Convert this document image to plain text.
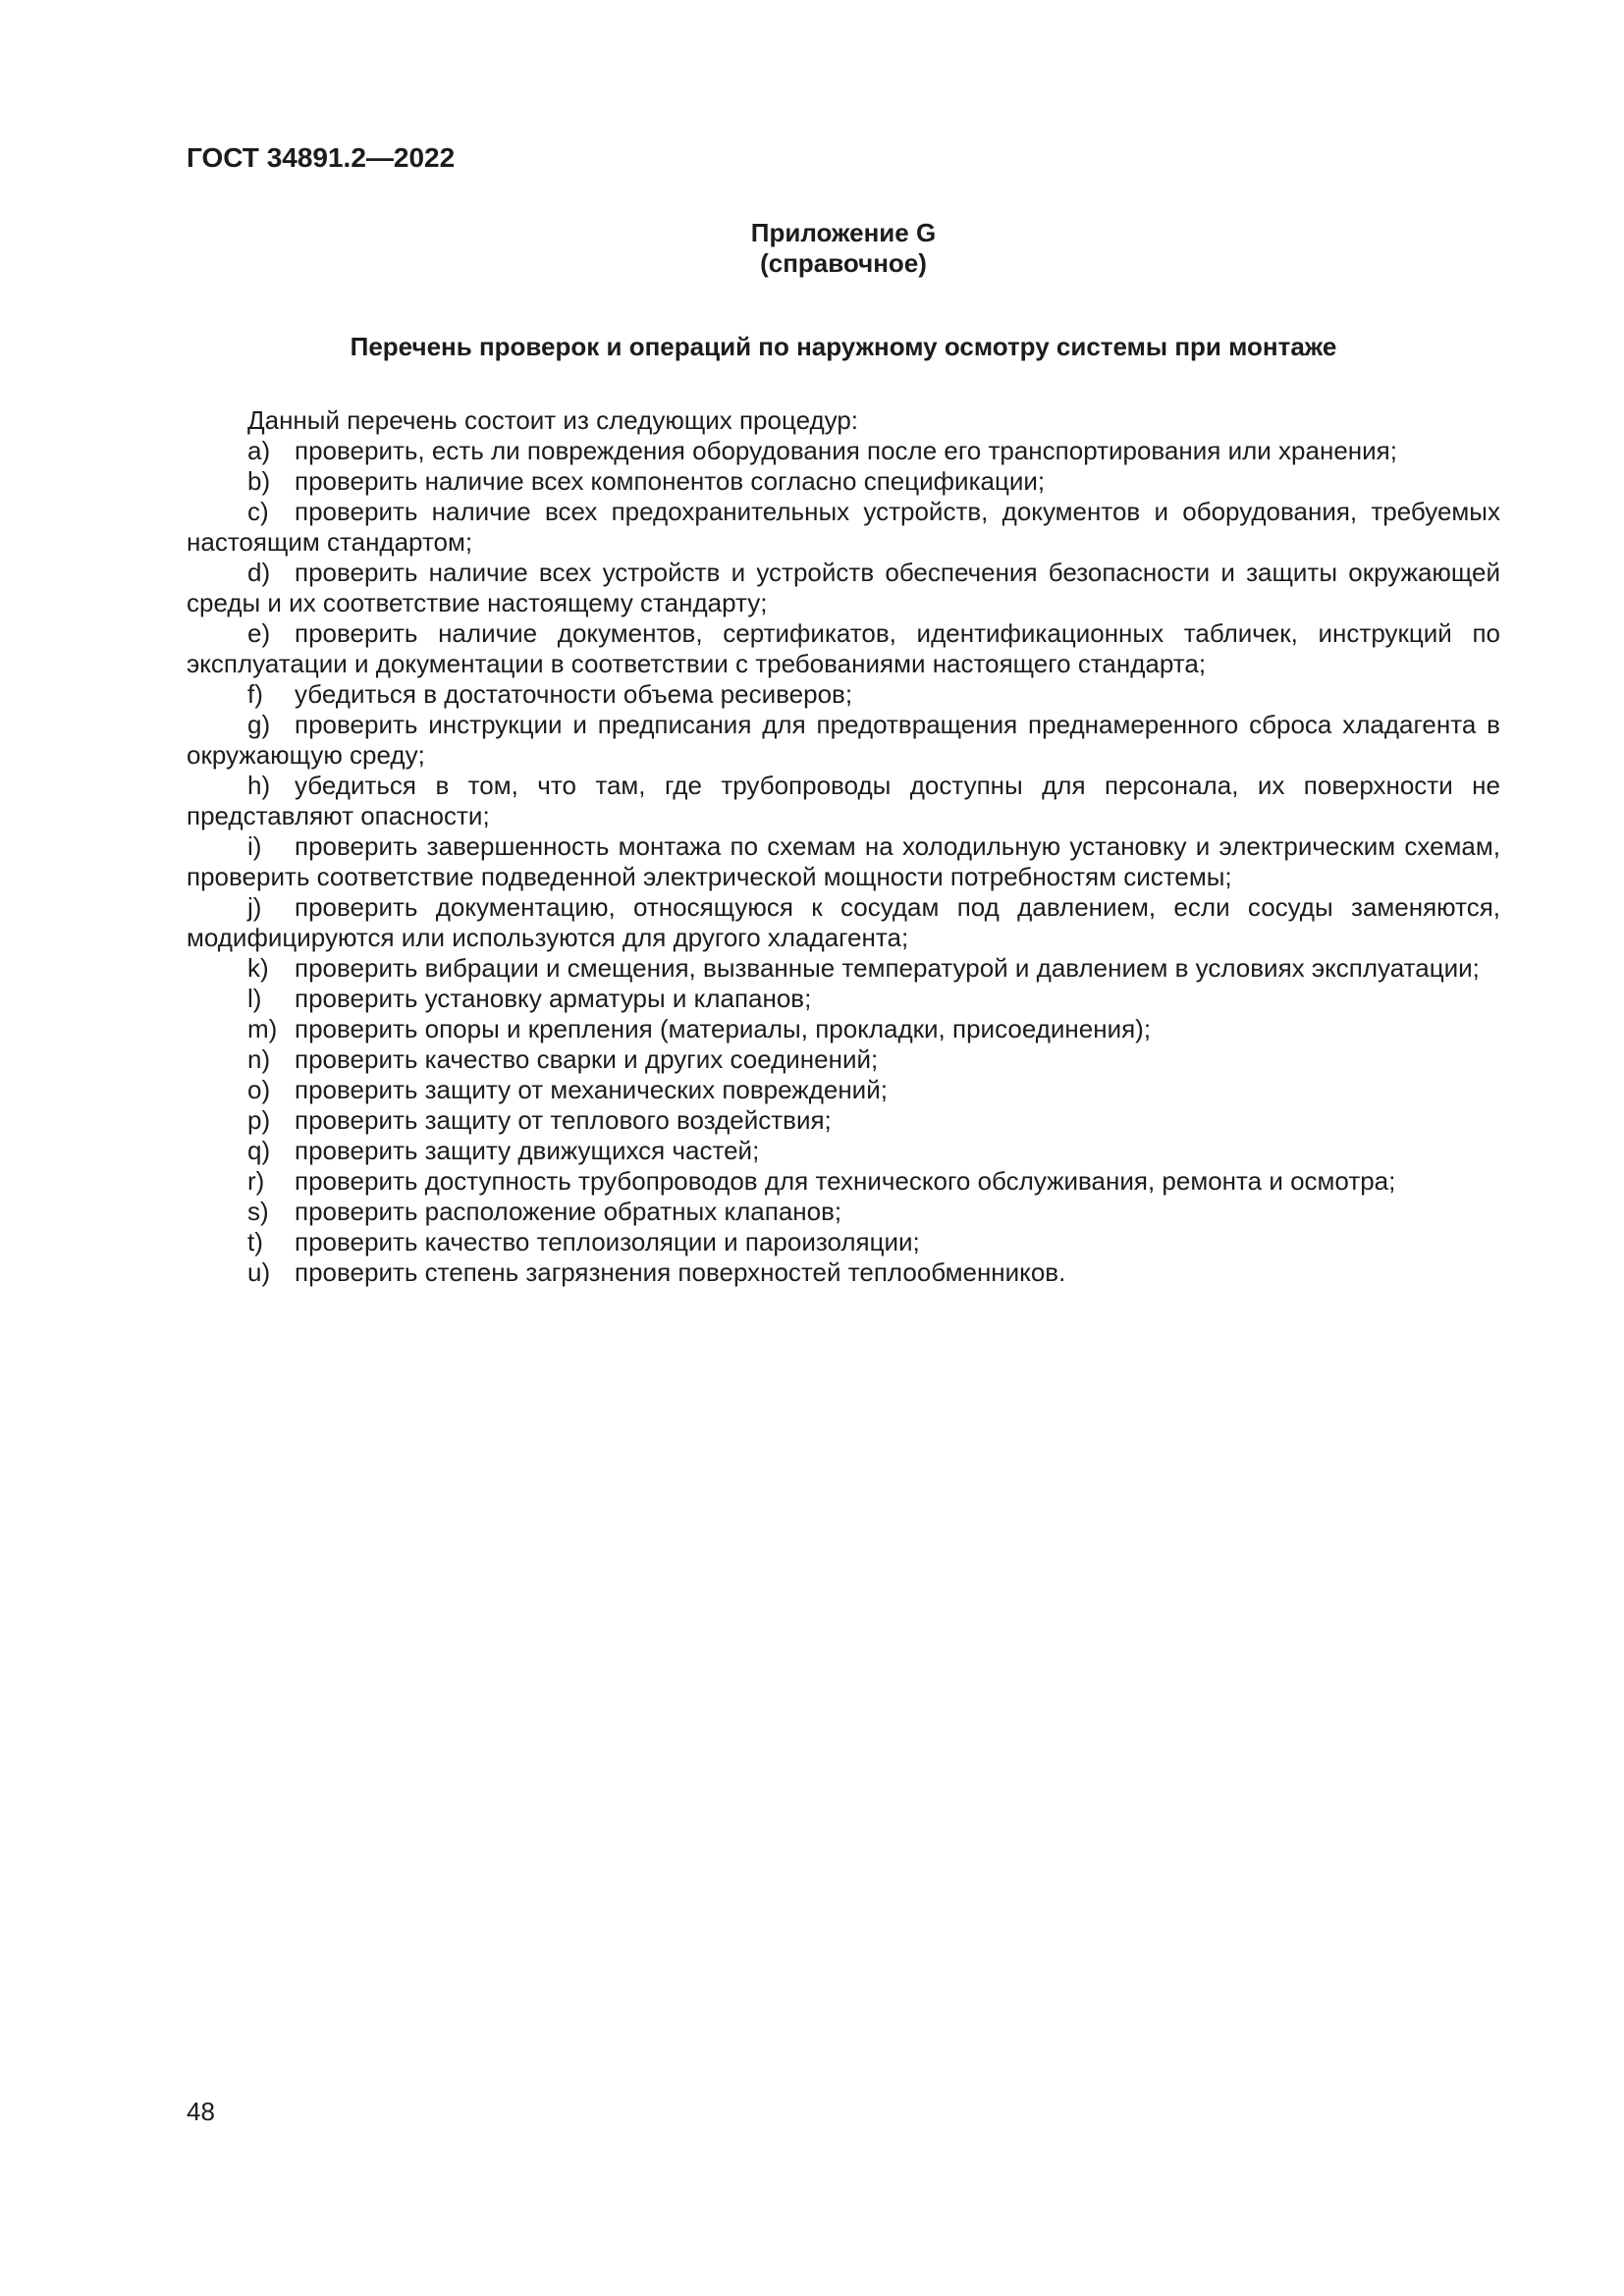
ГОСТ 34891.2—2022
Приложение G
(справочное)
Перечень проверок и операций по наружному осмотру системы при монтаже

Данный перечень состоит из следующих процедур:

a) проверить, есть ли повреждения оборудования после его транспортирования или хранения;

b) проверить наличие всех компонентов согласно спецификации;

c) проверить наличие всех предохранительных устройств, документов и оборудования, требуемых настоящим стандартом;

d) проверить наличие всех устройств и устройств обеспечения безопасности и защиты окружающей среды и их соответствие настоящему стандарту;

e) проверить наличие документов, сертификатов, идентификационных табличек, инструкций по эксплуатации и документации в соответствии с требованиями настоящего стандарта;

f) убедиться в достаточности объема ресиверов;

g) проверить инструкции и предписания для предотвращения преднамеренного сброса хладагента в окружающую среду;

h) убедиться в том, что там, где трубопроводы доступны для персонала, их поверхности не представляют опасности;

i) проверить завершенность монтажа по схемам на холодильную установку и электрическим схемам, проверить соответствие подведенной электрической мощности потребностям системы;

j) проверить документацию, относящуюся к сосудам под давлением, если сосуды заменяются, модифицируются или используются для другого хладагента;

k) проверить вибрации и смещения, вызванные температурой и давлением в условиях эксплуатации;

l) проверить установку арматуры и клапанов;

m) проверить опоры и крепления (материалы, прокладки, присоединения);

n) проверить качество сварки и других соединений;

o) проверить защиту от механических повреждений;

p) проверить защиту от теплового воздействия;

q) проверить защиту движущихся частей;

r) проверить доступность трубопроводов для технического обслуживания, ремонта и осмотра;

s) проверить расположение обратных клапанов;

t) проверить качество теплоизоляции и пароизоляции;

u) проверить степень загрязнения поверхностей теплообменников.

48
